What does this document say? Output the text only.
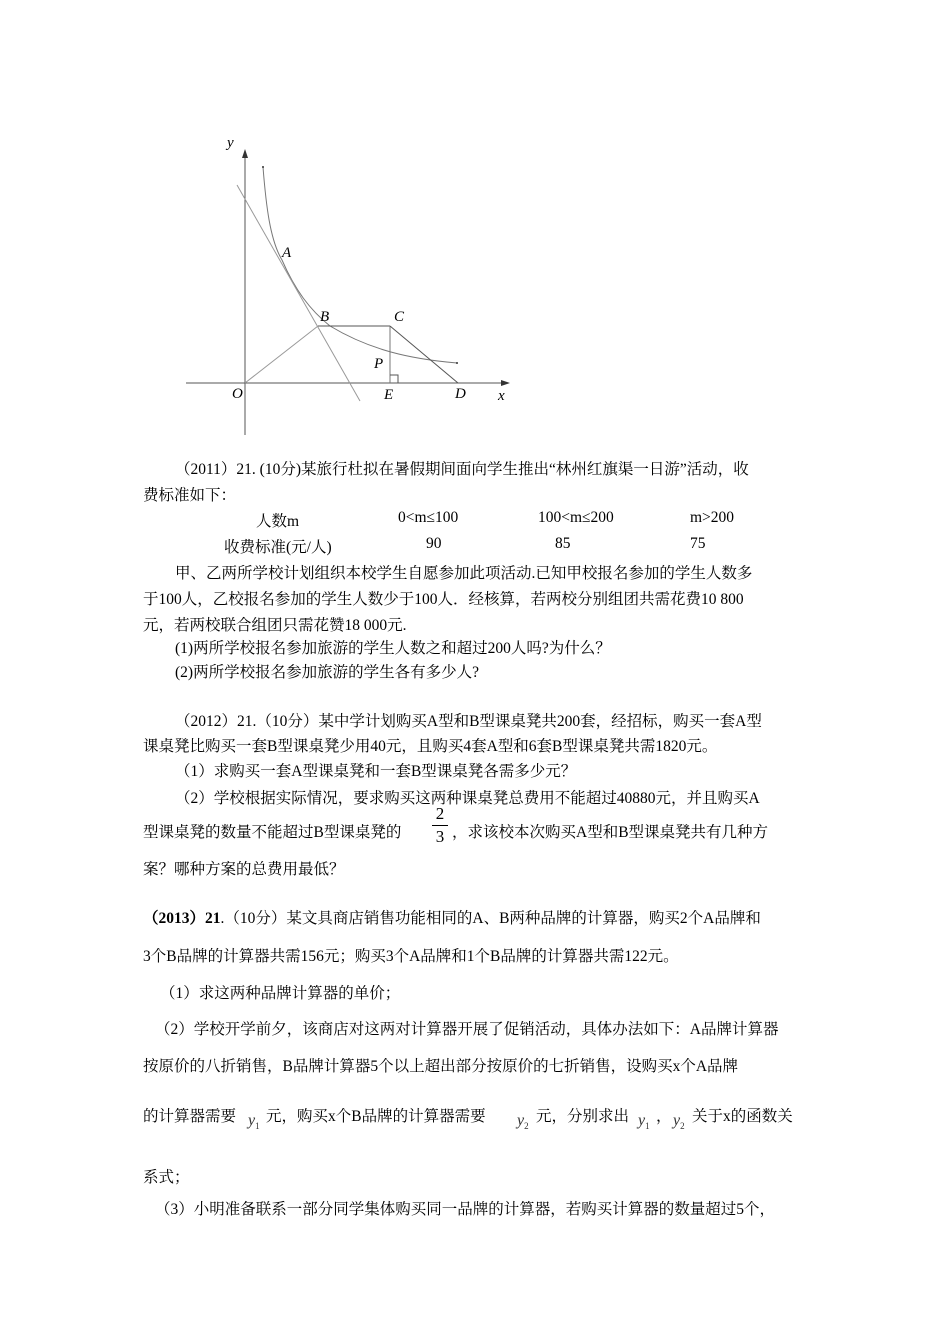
y
x
O
A
B	C
P
E	D
（2011）21. (10分)某旅行杜拟在暑假期间面向学生推出“林州红旗渠一日游”活动，收
费标准如下：
人数m	0<m≤100	100<m≤200	m>200
收费标准(元/人)	90	85	75
甲、乙两所学校计划组织本校学生自愿参加此项活动.已知甲校报名参加的学生人数多
于100人，乙校报名参加的学生人数少于100人．经核算，若两校分别组团共需花费10 800
元，若两校联合组团只需花赞18 000元.
(1)两所学校报名参加旅游的学生人数之和超过200人吗?为什么？
(2)两所学校报名参加旅游的学生各有多少人?
（2012）21.（10分）某中学计划购买A型和B型课桌凳共200套，经招标，购买一套A型
课桌凳比购买一套B型课桌凳少用40元，且购买4套A型和6套B型课桌凳共需1820元。
（1）求购买一套A型课桌凳和一套B型课桌凳各需多少元？
（2）学校根据实际情况，要求购买这两种课桌凳总费用不能超过40880元，并且购买A
型课桌凳的数量不能超过B型课桌凳的
2
3 ，求该校本次购买A型和B型课桌凳共有几种方
案？哪种方案的总费用最低？
（2013）21.（10分）某文具商店销售功能相同的A、B两种品牌的计算器，购买2个A品牌和
3个B品牌的计算器共需156元；购买3个A品牌和1个B品牌的计算器共需122元。
（1）求这两种品牌计算器的单价；
（2）学校开学前夕，该商店对这两对计算器开展了促销活动，具体办法如下：A品牌计算器
按原价的八折销售，B品牌计算器5个以上超出部分按原价的七折销售，设购买x个A品牌
的计算器需要 $y_1$
元，购买x个B品牌的计算器需要 $y_2$
元，分别求出 $y_1$
， $y_2$
关于x的函数关
系式；
（3）小明准备联系一部分同学集体购买同一品牌的计算器，若购买计算器的数量超过5个，
